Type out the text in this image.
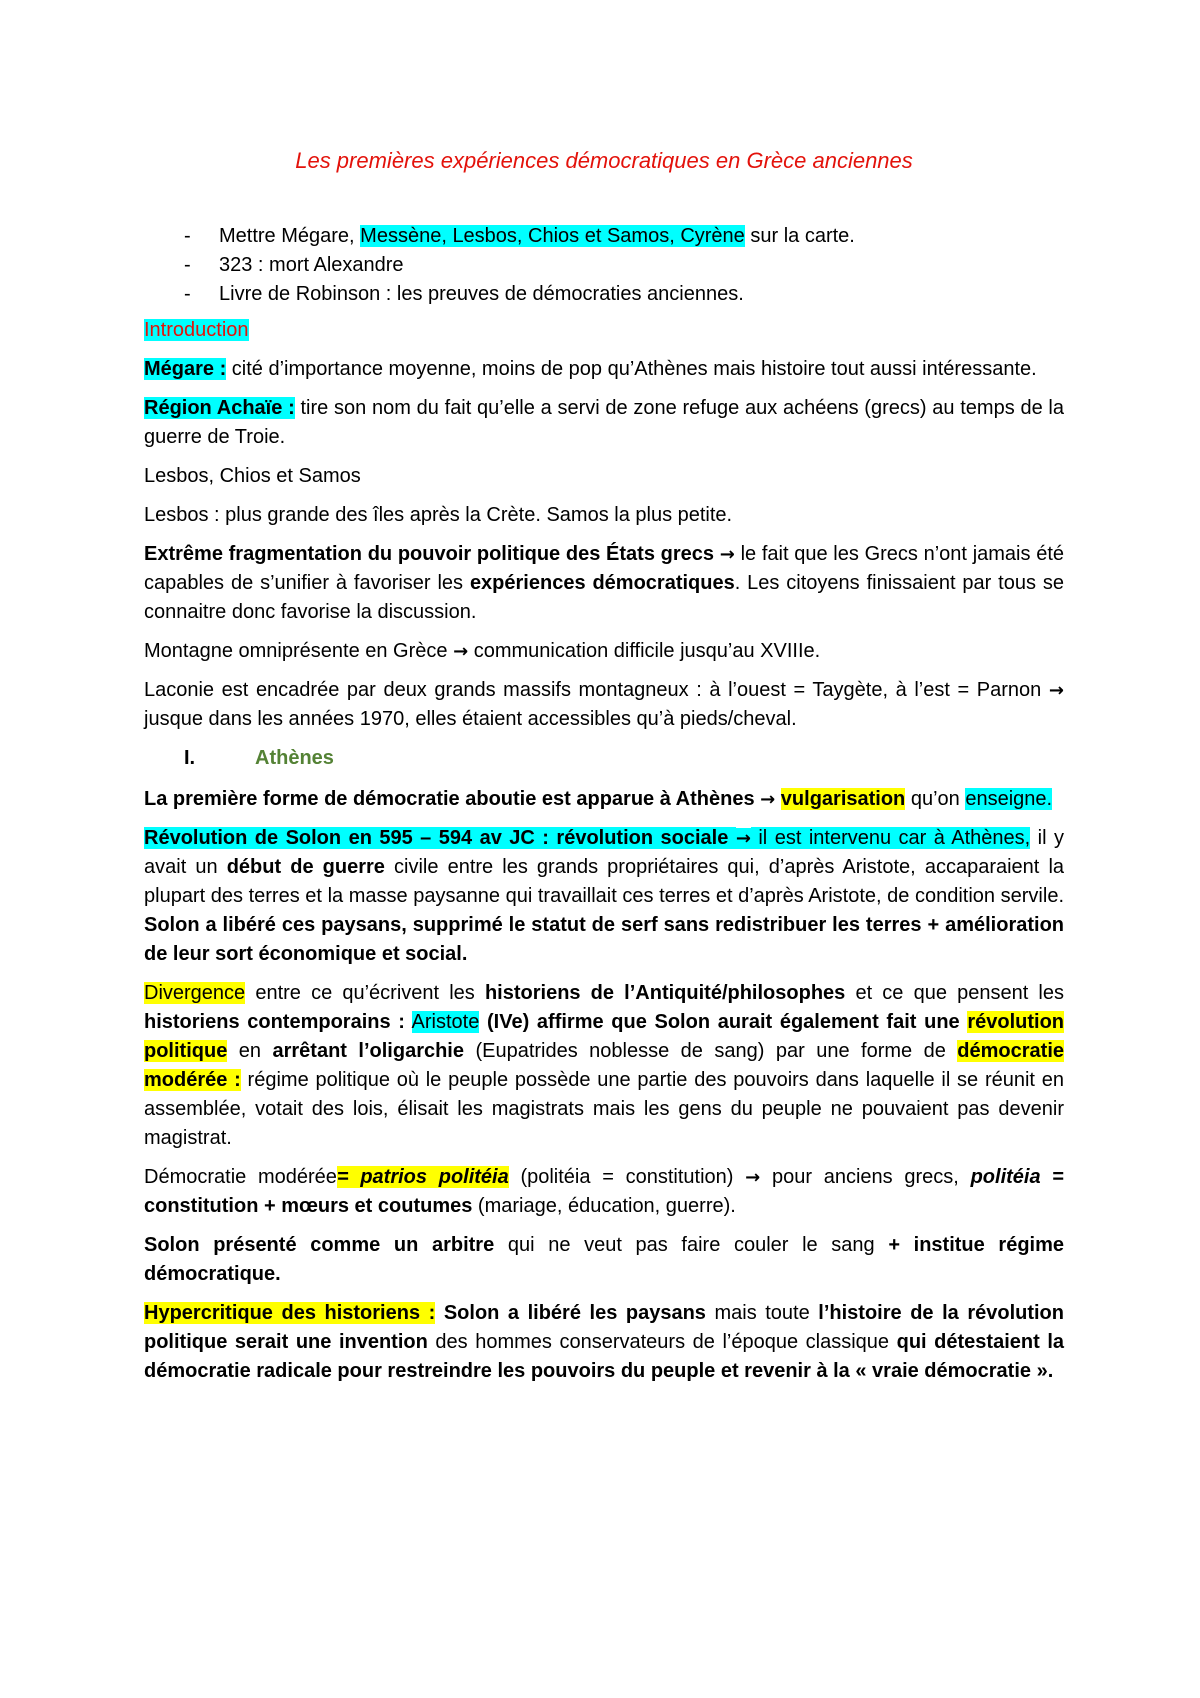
Les premières expériences démocratiques en Grèce anciennes
- Mettre Mégare, Messène, Lesbos, Chios et Samos, Cyrène sur la carte.
- 323 : mort Alexandre
- Livre de Robinson : les preuves de démocraties anciennes.

Introduction

Mégare : cité d’importance moyenne, moins de pop qu’Athènes mais histoire tout aussi intéressante.

Région Achaïe : tire son nom du fait qu’elle a servi de zone refuge aux achéens (grecs) au temps de la guerre de Troie.

Lesbos, Chios et Samos

Lesbos : plus grande des îles après la Crète. Samos la plus petite.

Extrême fragmentation du pouvoir politique des États grecs → le fait que les Grecs n’ont jamais été capables de s’unifier à favoriser les expériences démocratiques. Les citoyens finissaient par tous se connaitre donc favorise la discussion.

Montagne omniprésente en Grèce → communication difficile jusqu’au XVIIIe.

Laconie est encadrée par deux grands massifs montagneux : à l’ouest = Taygète, à l’est = Parnon → jusque dans les années 1970, elles étaient accessibles qu’à pieds/cheval.

I.	Athènes

La première forme de démocratie aboutie est apparue à Athènes → vulgarisation qu’on enseigne.

Révolution de Solon en 595 – 594 av JC : révolution sociale → il est intervenu car à Athènes, il y avait un début de guerre civile entre les grands propriétaires qui, d’après Aristote, accaparaient la plupart des terres et la masse paysanne qui travaillait ces terres et d’après Aristote, de condition servile. Solon a libéré ces paysans, supprimé le statut de serf sans redistribuer les terres + amélioration de leur sort économique et social.

Divergence entre ce qu’écrivent les historiens de l’Antiquité/philosophes et ce que pensent les historiens contemporains : Aristote (IVe) affirme que Solon aurait également fait une révolution politique en arrêtant l’oligarchie (Eupatrides noblesse de sang) par une forme de démocratie modérée : régime politique où le peuple possède une partie des pouvoirs dans laquelle il se réunit en assemblée, votait des lois, élisait les magistrats mais les gens du peuple ne pouvaient pas devenir magistrat.

Démocratie modérée= patrios politéia (politéia = constitution) → pour anciens grecs, politéia = constitution + mœurs et coutumes (mariage, éducation, guerre).

Solon présenté comme un arbitre qui ne veut pas faire couler le sang + institue régime démocratique.

Hypercritique des historiens : Solon a libéré les paysans mais toute l’histoire de la révolution politique serait une invention des hommes conservateurs de l’époque classique qui détestaient la démocratie radicale pour restreindre les pouvoirs du peuple et revenir à la « vraie démocratie ».
